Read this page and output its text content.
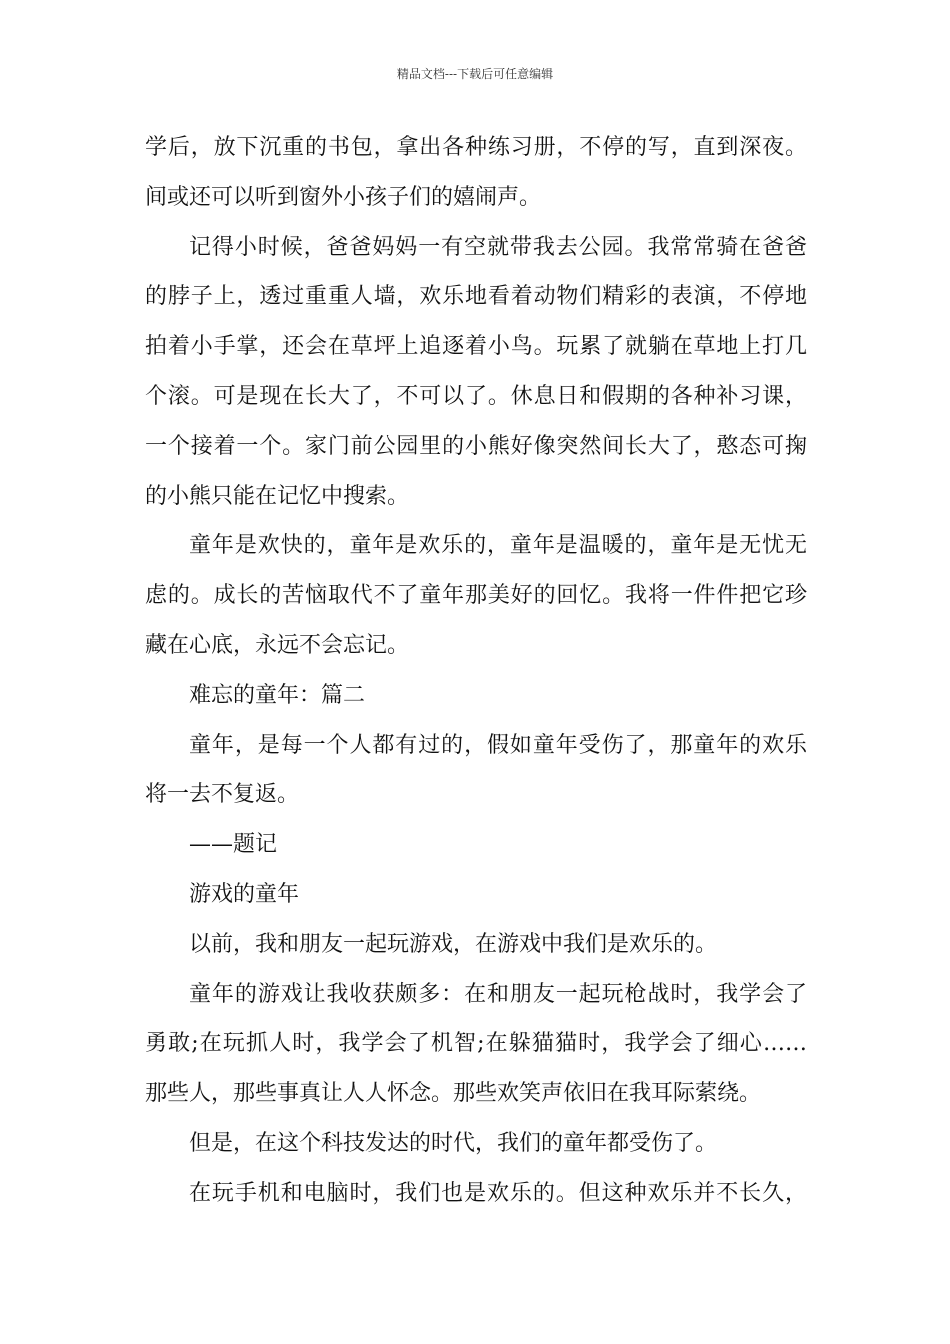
精品文档---下载后可任意编辑
学后，放下沉重的书包，拿出各种练习册，不停的写，直到深夜。
间或还可以听到窗外小孩子们的嬉闹声。
记得小时候，爸爸妈妈一有空就带我去公园。我常常骑在爸爸
的脖子上，透过重重人墙，欢乐地看着动物们精彩的表演，不停地
拍着小手掌，还会在草坪上追逐着小鸟。玩累了就躺在草地上打几
个滚。可是现在长大了，不可以了。休息日和假期的各种补习课，
一个接着一个。家门前公园里的小熊好像突然间长大了，憨态可掬
的小熊只能在记忆中搜索。
童年是欢快的，童年是欢乐的，童年是温暖的，童年是无忧无
虑的。成长的苦恼取代不了童年那美好的回忆。我将一件件把它珍
藏在心底，永远不会忘记。
难忘的童年：篇二
童年，是每一个人都有过的，假如童年受伤了，那童年的欢乐
将一去不复返。
——题记
游戏的童年
以前，我和朋友一起玩游戏，在游戏中我们是欢乐的。
童年的游戏让我收获颇多：在和朋友一起玩枪战时，我学会了
勇敢;在玩抓人时，我学会了机智;在躲猫猫时，我学会了细心……
那些人，那些事真让人人怀念。那些欢笑声依旧在我耳际萦绕。
但是，在这个科技发达的时代，我们的童年都受伤了。
在玩手机和电脑时，我们也是欢乐的。但这种欢乐并不长久，
